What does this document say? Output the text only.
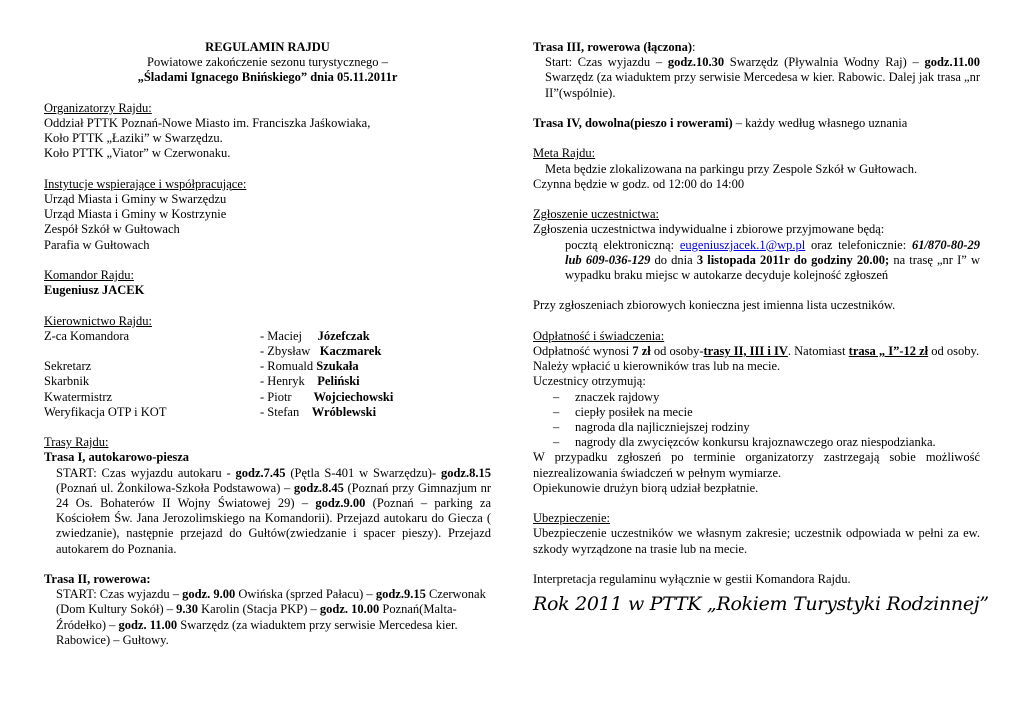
REGULAMIN RAJDU

Powiatowe zakończenie sezonu turystycznego –

„Śladami Ignacego Bnińskiego” dnia 05.11.2011r

Organizatorzy Rajdu:

Oddział PTTK Poznań-Nowe Miasto im. Franciszka Jaśkowiaka,

Koło PTTK „Łaziki” w Swarzędzu.

Koło PTTK „Viator” w Czerwonaku.

Instytucje wspierające i współpracujące:

Urząd Miasta i Gminy w Swarzędzu

Urząd Miasta i Gminy w Kostrzynie

Zespół Szkół w Gułtowach

Parafia w Gułtowach

Komandor Rajdu:

Eugeniusz JACEK

Kierownictwo Rajdu:

Z-ca Komandora	- Maciej     Józefczak
- Zbysław   Kaczmarek
Sekretarz	- Romuald Szukała
Skarbnik	- Henryk    Peliński
Kwatermistrz	- Piotr       Wojciechowski
Weryfikacja OTP i KOT	- Stefan    Wróblewski

Trasy Rajdu:

Trasa I, autokarowo-piesza

START: Czas wyjazdu autokaru - godz.7.45 (Pętla S-401 w Swarzędzu)- godz.8.15 (Poznań ul. Żonkilowa-Szkoła Podstawowa) – godz.8.45 (Poznań przy Gimnazjum nr 24 Os. Bohaterów II Wojny Światowej 29) – godz.9.00 (Poznań – parking za Kościołem Św. Jana Jerozolimskiego na Komandorii). Przejazd autokaru do Giecza ( zwiedzanie), następnie przejazd do Gułtów(zwiedzanie i spacer pieszy). Przejazd autokarem do Poznania.

Trasa II, rowerowa:

START: Czas wyjazdu – godz. 9.00 Owińska (sprzed Pałacu) – godz.9.15 Czerwonak (Dom Kultury Sokół) – 9.30 Karolin (Stacja PKP) – godz. 10.00 Poznań(Malta-Źródełko) – godz. 11.00 Swarzędz (za wiaduktem przy serwisie Mercedesa kier. Rabowice) – Gułtowy.

Trasa III, rowerowa (łączona):

Start: Czas wyjazdu – godz.10.30 Swarzędz (Pływalnia Wodny Raj) – godz.11.00 Swarzędz (za wiaduktem przy serwisie Mercedesa w kier. Rabowic. Dalej jak trasa „nr II”(wspólnie).

Trasa IV, dowolna(pieszo i rowerami) – każdy według własnego uznania

Meta Rajdu:

Meta będzie zlokalizowana na parkingu przy Zespole Szkół w Gułtowach.

Czynna będzie w godz. od 12:00 do 14:00

Zgłoszenie uczestnictwa:

Zgłoszenia uczestnictwa indywidualne i zbiorowe przyjmowane będą:

pocztą elektroniczną: eugeniuszjacek.1@wp.pl oraz telefonicznie: 61/870-80-29 lub 609-036-129 do dnia 3 listopada 2011r do godziny 20.00; na trasę „nr I” w wypadku braku miejsc w autokarze decyduje kolejność zgłoszeń

Przy zgłoszeniach zbiorowych konieczna jest imienna lista uczestników.

Odpłatność i świadczenia:

Odpłatność wynosi 7 zł od osoby-trasy II, III i IV. Natomiast trasa „ I”-12 zł od osoby. Należy wpłacić u kierowników tras lub na mecie.

Uczestnicy otrzymują:

– znaczek rajdowy
– ciepły posiłek na mecie
– nagroda dla najliczniejszej rodziny
– nagrody dla zwycięzców konkursu krajoznawczego oraz niespodzianka.

W przypadku zgłoszeń po terminie organizatorzy zastrzegają sobie możliwość niezrealizowania świadczeń w pełnym wymiarze.

Opiekunowie drużyn biorą udział bezpłatnie.

Ubezpieczenie:

Ubezpieczenie uczestników we własnym zakresie; uczestnik odpowiada w pełni za ew. szkody wyrządzone na trasie lub na mecie.

Interpretacja regulaminu wyłącznie w gestii Komandora Rajdu.

Rok 2011 w PTTK „Rokiem Turystyki Rodzinnej”
